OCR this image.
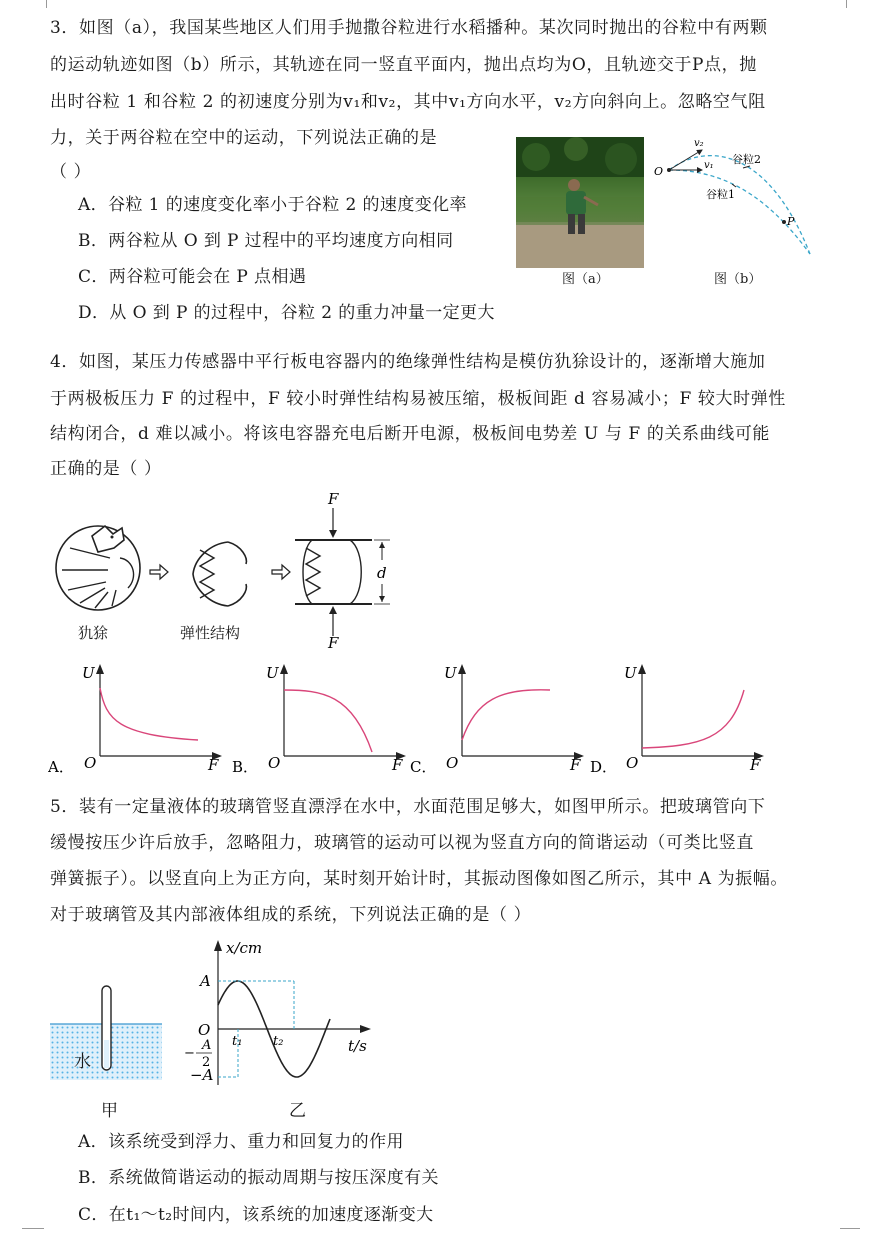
3．如图（a），我国某些地区人们用手抛撒谷粒进行水稻播种。某次同时抛出的谷粒中有两颗
的运动轨迹如图（b）所示，其轨迹在同一竖直平面内，抛出点均为O，且轨迹交于P点，抛
出时谷粒 1 和谷粒 2 的初速度分别为v₁和v₂，其中v₁方向水平，v₂方向斜向上。忽略空气阻
力，关于两谷粒在空中的运动，下列说法正确的是
（ ）
A．谷粒 1 的速度变化率小于谷粒 2 的速度变化率
B．两谷粒从 O 到 P 过程中的平均速度方向相同
C．两谷粒可能会在 P 点相遇
D．从 O 到 P 的过程中，谷粒 2 的重力冲量一定更大
图（a）
O
v₂
v₁ 谷粒2
谷粒1
P
图（b）
4．如图，某压力传感器中平行板电容器内的绝缘弹性结构是模仿犰狳设计的，逐渐增大施加
于两极板压力 F 的过程中，F 较小时弹性结构易被压缩，极板间距 d 容易减小；F 较大时弹性
结构闭合，d 难以减小。将该电容器充电后断开电源，极板间电势差 U 与 F 的关系曲线可能
正确的是（ ）
F
F
d
犰狳	弹性结构
A．
U
O	F B．
U
O	F C．
U
O	F D．
U
O	F
5．装有一定量液体的玻璃管竖直漂浮在水中，水面范围足够大，如图甲所示。把玻璃管向下
缓慢按压少许后放手，忽略阻力，玻璃管的运动可以视为竖直方向的简谐运动（可类比竖直
弹簧振子）。以竖直向上为正方向，某时刻开始计时，其振动图像如图乙所示，其中 A 为振幅。
对于玻璃管及其内部液体组成的系统，下列说法正确的是（ ）
水
甲
x/cm
t/s
A
O
A
−
2
−A
t₁ t₂
乙
A．该系统受到浮力、重力和回复力的作用
B．系统做简谐运动的振动周期与按压深度有关
C．在t₁～t₂时间内，该系统的加速度逐渐变大
